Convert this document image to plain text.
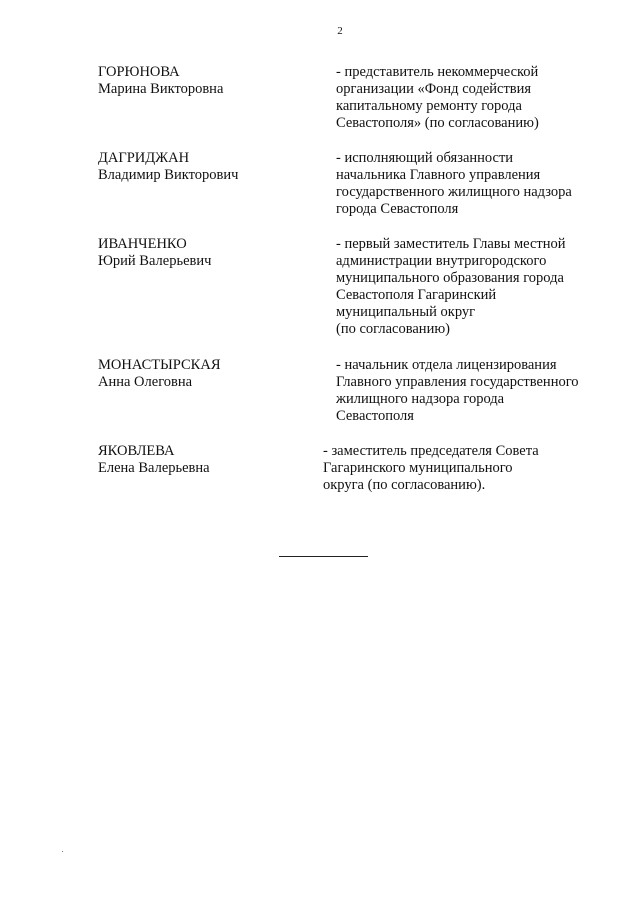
2
ГОРЮНОВА
Марина Викторовна
- представитель некоммерческой
организации «Фонд содействия
капитальному ремонту города
Севастополя» (по согласованию)
ДАГРИДЖАН
Владимир Викторович
- исполняющий обязанности
начальника Главного управления
государственного жилищного надзора
города Севастополя
ИВАНЧЕНКО
Юрий Валерьевич
- первый заместитель Главы местной
администрации внутригородского
муниципального образования города
Севастополя Гагаринский
муниципальный округ
(по согласованию)
МОНАСТЫРСКАЯ
Анна Олеговна
- начальник отдела лицензирования
Главного управления государственного
жилищного надзора города
Севастополя
ЯКОВЛЕВА
Елена Валерьевна
- заместитель председателя Совета
Гагаринского муниципального
округа (по согласованию).
